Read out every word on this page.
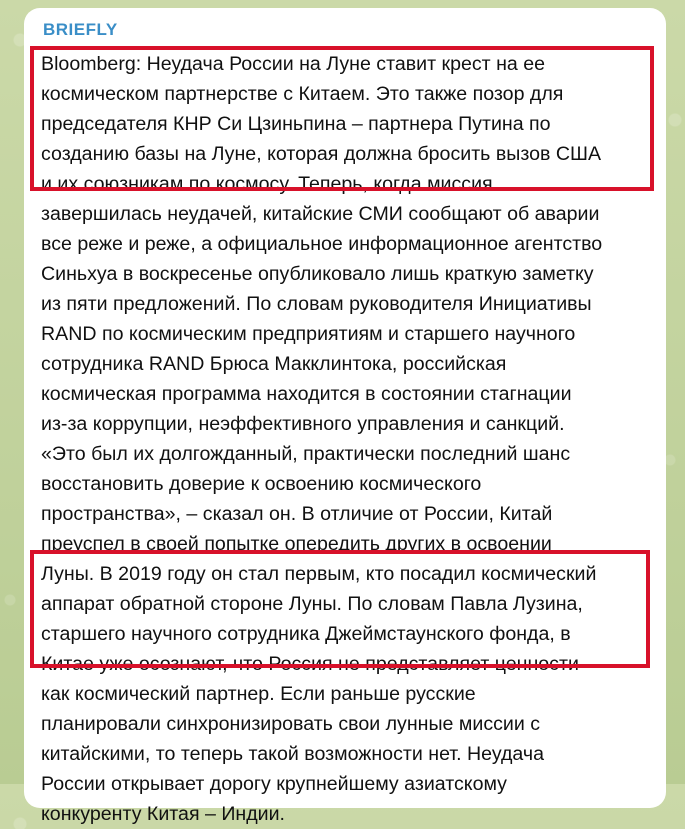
BRIEFLY
Bloomberg: Неудача России на Луне ставит крест на ее
космическом партнерстве с Китаем. Это также позор для
председателя КНР Си Цзиньпина – партнера Путина по
созданию базы на Луне, которая должна бросить вызов США
и их союзникам по космосу. Теперь, когда миссия
завершилась неудачей, китайские СМИ сообщают об аварии
все реже и реже, а официальное информационное агентство
Синьхуа в воскресенье опубликовало лишь краткую заметку
из пяти предложений. По словам руководителя Инициативы
RAND по космическим предприятиям и старшего научного
сотрудника RAND Брюса Макклинтока, российская
космическая программа находится в состоянии стагнации
из-за коррупции, неэффективного управления и санкций.
«Это был их долгожданный, практически последний шанс
восстановить доверие к освоению космического
пространства», – сказал он. В отличие от России, Китай
преуспел в своей попытке опередить других в освоении
Луны. В 2019 году он стал первым, кто посадил космический
аппарат обратной стороне Луны. По словам Павла Лузина,
старшего научного сотрудника Джеймстаунского фонда, в
Китае уже осознают, что Россия не представляет ценности
как космический партнер. Если раньше русские
планировали синхронизировать свои лунные миссии с
китайскими, то теперь такой возможности нет. Неудача
России открывает дорогу крупнейшему азиатскому
конкуренту Китая – Индии.
